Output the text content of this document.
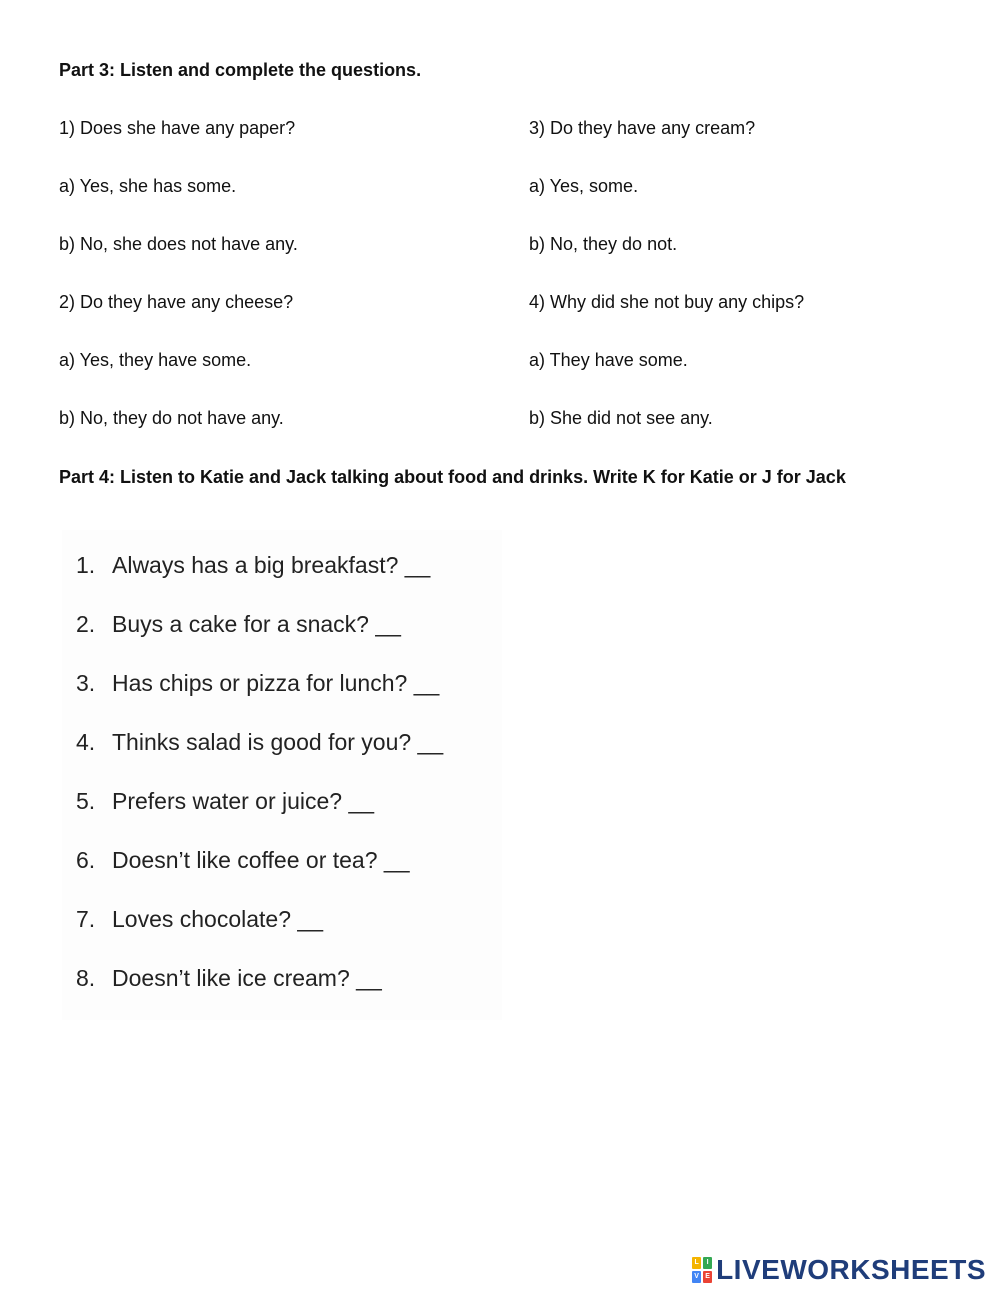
Part 3: Listen and complete the questions.
1) Does she have any paper?
a) Yes, she has some.
b) No, she does not have any.
2) Do they have any cheese?
a) Yes, they have some.
b) No, they do not have any.
3) Do they have any cream?
a) Yes, some.
b) No, they do not.
4) Why did she not buy any chips?
a) They have some.
b) She did not see any.
Part 4: Listen to Katie and Jack talking about food and drinks. Write K for Katie or J for Jack
1. Always has a big breakfast? __
2. Buys a cake for a snack? __
3. Has chips or pizza for lunch? __
4. Thinks salad is good for you? __
5. Prefers water or juice? __
6. Doesn’t like coffee or tea? __
7. Loves chocolate? __
8. Doesn’t like ice cream? __
L	I
V E LIVEWORKSHEETS
